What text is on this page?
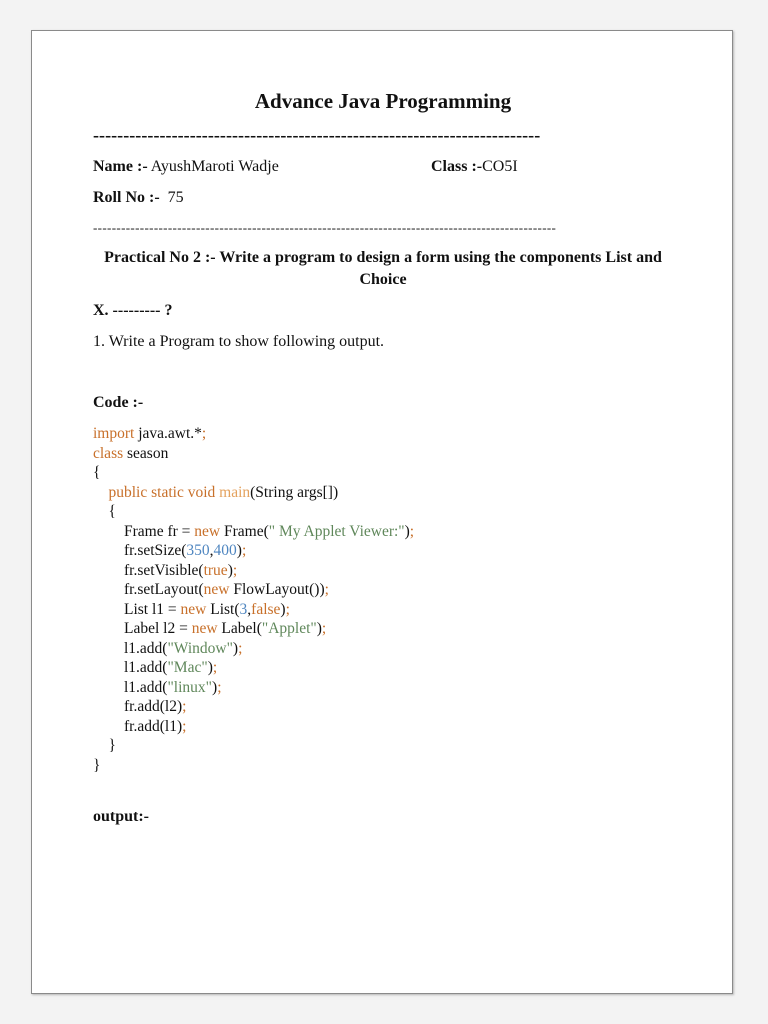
Advance Java Programming
--------------------------------------------------------------------------
Name :- AyushMaroti Wadje	Class :-CO5I
Roll No :-  75
---------------------------------------------------------------------------------------------------
Practical No 2 :- Write a program to design a form using the components List and Choice
X. --------- ?
1. Write a Program to show following output.
Code :-
import java.awt.*;
class season
{
public static void main(String args[])
{
Frame fr = new Frame(" My Applet Viewer:");
fr.setSize(350,400);
fr.setVisible(true);
fr.setLayout(new FlowLayout());
List l1 = new List(3,false);
Label l2 = new Label("Applet");
l1.add("Window");
l1.add("Mac");
l1.add("linux");
fr.add(l2);
fr.add(l1);
}
}
output:-
